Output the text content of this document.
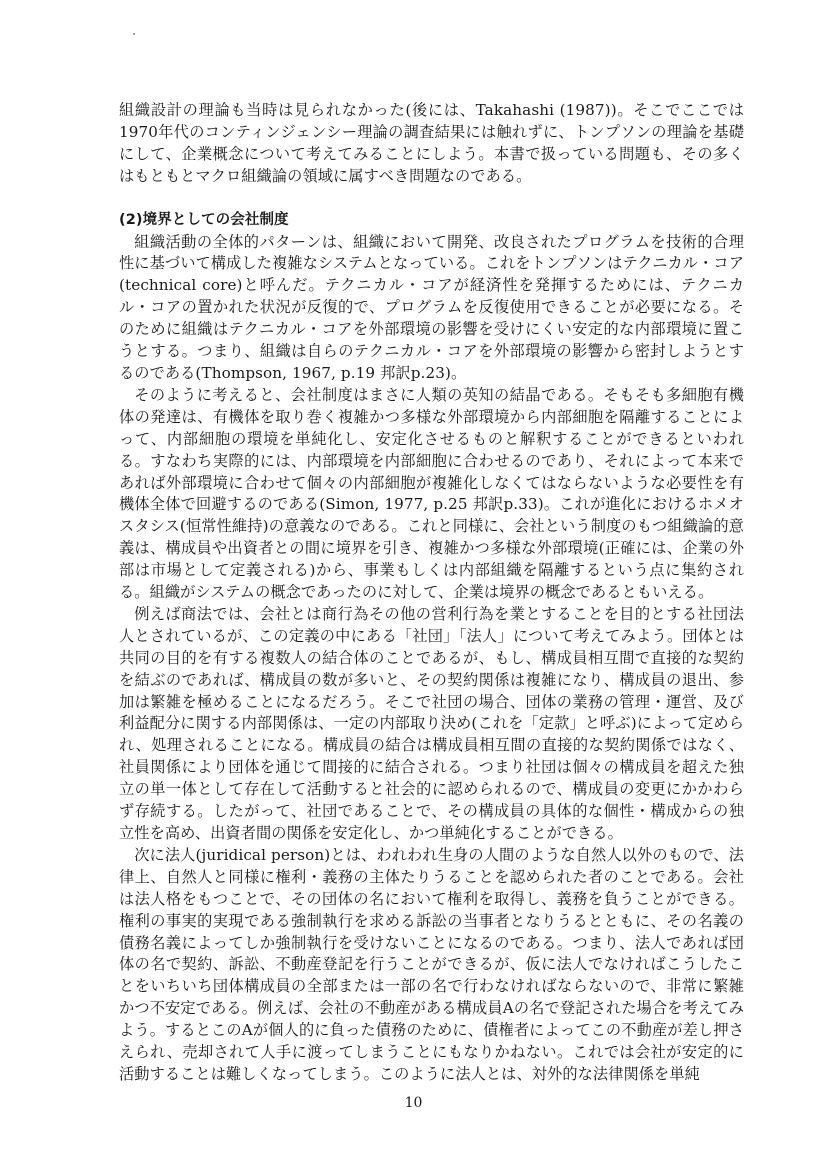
組織設計の理論も当時は見られなかった(後には、Takahashi (1987))。そこでここでは1970年代のコンティンジェンシー理論の調査結果には触れずに、トンプソンの理論を基礎にして、企業概念について考えてみることにしよう。本書で扱っている問題も、その多くはもともとマクロ組織論の領域に属すべき問題なのである。

(2)境界としての会社制度

組織活動の全体的パターンは、組織において開発、改良されたプログラムを技術的合理性に基づいて構成した複雑なシステムとなっている。これをトンプソンはテクニカル・コア(technical core)と呼んだ。テクニカル・コアが経済性を発揮するためには、テクニカル・コアの置かれた状況が反復的で、プログラムを反復使用できることが必要になる。そのために組織はテクニカル・コアを外部環境の影響を受けにくい安定的な内部環境に置こうとする。つまり、組織は自らのテクニカル・コアを外部環境の影響から密封しようとするのである(Thompson, 1967, p.19 邦訳p.23)。

そのように考えると、会社制度はまさに人類の英知の結晶である。そもそも多細胞有機体の発達は、有機体を取り巻く複雑かつ多様な外部環境から内部細胞を隔離することによって、内部細胞の環境を単純化し、安定化させるものと解釈することができるといわれる。すなわち実際的には、内部環境を内部細胞に合わせるのであり、それによって本来であれば外部環境に合わせて個々の内部細胞が複雑化しなくてはならないような必要性を有機体全体で回避するのである(Simon, 1977, p.25 邦訳p.33)。これが進化におけるホメオスタシス(恒常性維持)の意義なのである。これと同様に、会社という制度のもつ組織論的意義は、構成員や出資者との間に境界を引き、複雑かつ多様な外部環境(正確には、企業の外部は市場として定義される)から、事業もしくは内部組織を隔離するという点に集約される。組織がシステムの概念であったのに対して、企業は境界の概念であるともいえる。

例えば商法では、会社とは商行為その他の営利行為を業とすることを目的とする社団法人とされているが、この定義の中にある「社団」「法人」について考えてみよう。団体とは共同の目的を有する複数人の結合体のことであるが、もし、構成員相互間で直接的な契約を結ぶのであれば、構成員の数が多いと、その契約関係は複雑になり、構成員の退出、参加は繁雑を極めることになるだろう。そこで社団の場合、団体の業務の管理・運営、及び利益配分に関する内部関係は、一定の内部取り決め(これを「定款」と呼ぶ)によって定められ、処理されることになる。構成員の結合は構成員相互間の直接的な契約関係ではなく、社員関係により団体を通じて間接的に結合される。つまり社団は個々の構成員を超えた独立の単一体として存在して活動すると社会的に認められるので、構成員の変更にかかわらず存続する。したがって、社団であることで、その構成員の具体的な個性・構成からの独立性を高め、出資者間の関係を安定化し、かつ単純化することができる。

次に法人(juridical person)とは、われわれ生身の人間のような自然人以外のもので、法律上、自然人と同様に権利・義務の主体たりうることを認められた者のことである。会社は法人格をもつことで、その団体の名において権利を取得し、義務を負うことができる。権利の事実的実現である強制執行を求める訴訟の当事者となりうるとともに、その名義の債務名義によってしか強制執行を受けないことになるのである。つまり、法人であれば団体の名で契約、訴訟、不動産登記を行うことができるが、仮に法人でなければこうしたことをいちいち団体構成員の全部または一部の名で行わなければならないので、非常に繁雑かつ不安定である。例えば、会社の不動産がある構成員Aの名で登記された場合を考えてみよう。するとこのAが個人的に負った債務のために、債権者によってこの不動産が差し押さえられ、売却されて人手に渡ってしまうことにもなりかねない。これでは会社が安定的に活動することは難しくなってしまう。このように法人とは、対外的な法律関係を単純

10
